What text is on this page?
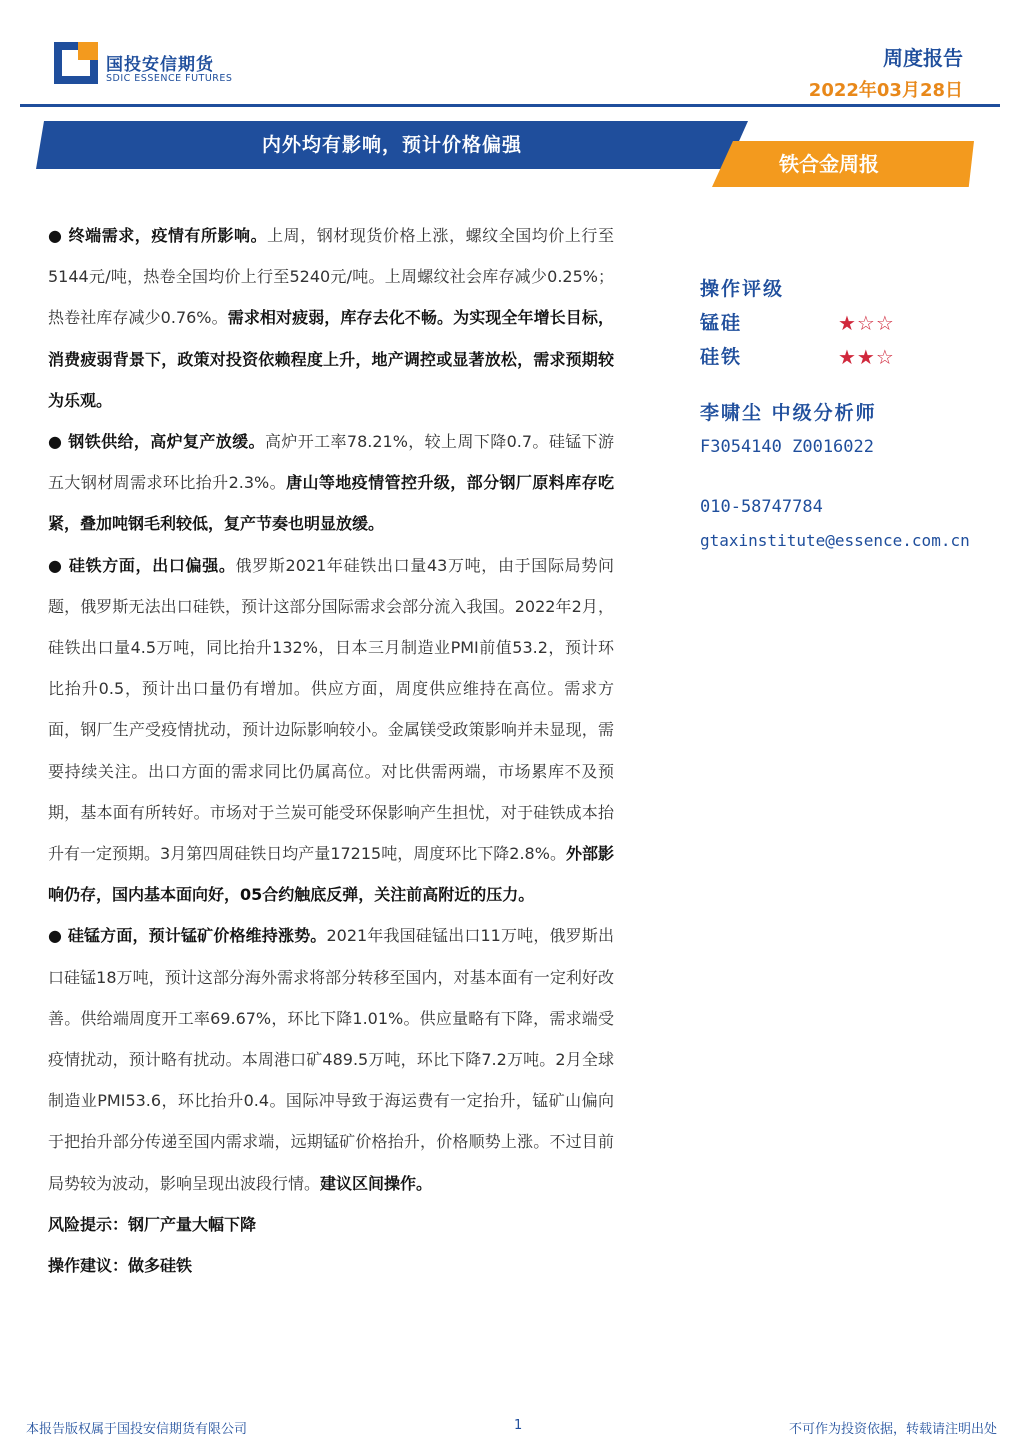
国投安信期货
SDIC ESSENCE FUTURES
周度报告
2022年03月28日
内外均有影响，预计价格偏强
铁合金周报

● 终端需求，疫情有所影响。上周，钢材现货价格上涨，螺纹全国均价上行至5144元/吨，热卷全国均价上行至5240元/吨。上周螺纹社会库存减少0.25%；热卷社库存减少0.76%。需求相对疲弱，库存去化不畅。为实现全年增长目标，消费疲弱背景下，政策对投资依赖程度上升，地产调控或显著放松，需求预期较为乐观。

● 钢铁供给，高炉复产放缓。高炉开工率78.21%，较上周下降0.7。硅锰下游五大钢材周需求环比抬升2.3%。唐山等地疫情管控升级，部分钢厂原料库存吃紧，叠加吨钢毛利较低，复产节奏也明显放缓。

● 硅铁方面，出口偏强。俄罗斯2021年硅铁出口量43万吨，由于国际局势问题，俄罗斯无法出口硅铁，预计这部分国际需求会部分流入我国。2022年2月，硅铁出口量4.5万吨，同比抬升132%，日本三月制造业PMI前值53.2，预计环比抬升0.5，预计出口量仍有增加。供应方面，周度供应维持在高位。需求方面，钢厂生产受疫情扰动，预计边际影响较小。金属镁受政策影响并未显现，需要持续关注。出口方面的需求同比仍属高位。对比供需两端，市场累库不及预期，基本面有所转好。市场对于兰炭可能受环保影响产生担忧，对于硅铁成本抬升有一定预期。3月第四周硅铁日均产量17215吨，周度环比下降2.8%。外部影响仍存，国内基本面向好，05合约触底反弹，关注前高附近的压力。

● 硅锰方面，预计锰矿价格维持涨势。2021年我国硅锰出口11万吨，俄罗斯出口硅锰18万吨，预计这部分海外需求将部分转移至国内，对基本面有一定利好改善。供给端周度开工率69.67%，环比下降1.01%。供应量略有下降，需求端受疫情扰动，预计略有扰动。本周港口矿489.5万吨，环比下降7.2万吨。2月全球制造业PMI53.6，环比抬升0.4。国际冲导致于海运费有一定抬升，锰矿山偏向于把抬升部分传递至国内需求端，远期锰矿价格抬升，价格顺势上涨。不过目前局势较为波动，影响呈现出波段行情。建议区间操作。

风险提示：钢厂产量大幅下降
操作建议：做多硅铁
操作评级
锰硅	★☆☆
硅铁	★★☆
李啸尘 中级分析师
F3054140 Z0016022
010-58747784
gtaxinstitute@essence.com.cn
本报告版权属于国投安信期货有限公司	1	不可作为投资依据，转载请注明出处
